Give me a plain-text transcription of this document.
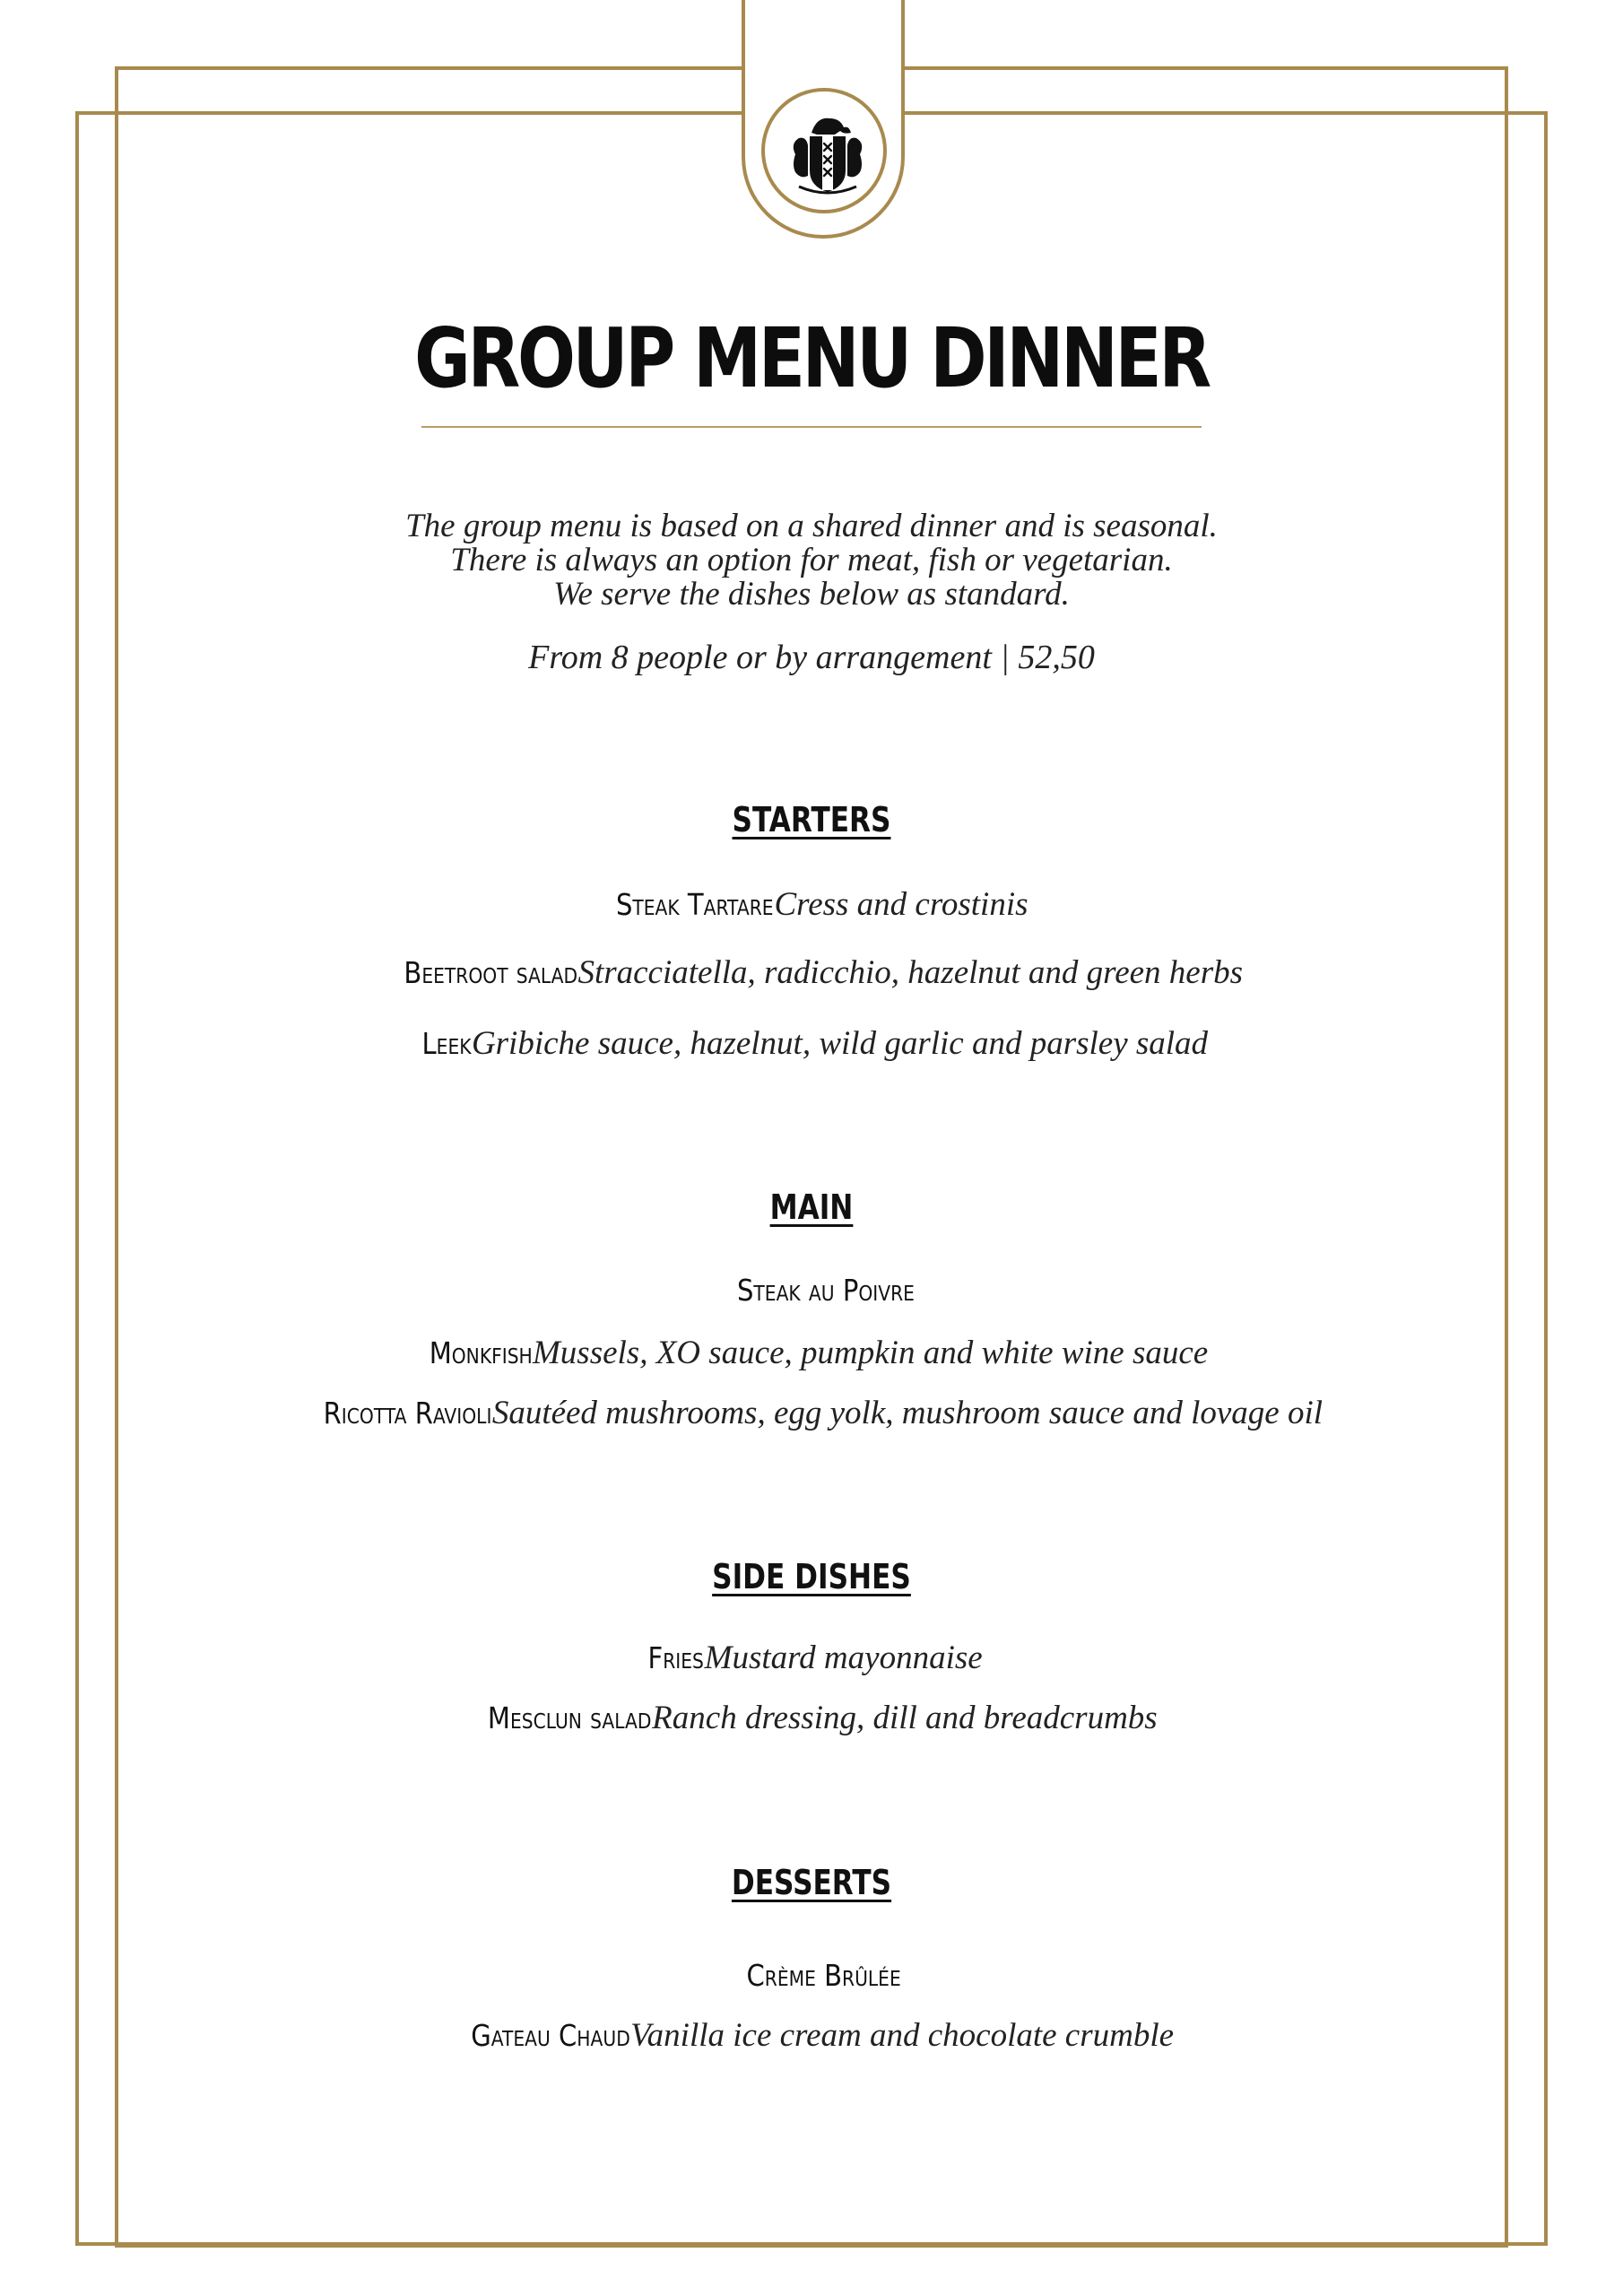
GROUP MENU DINNER
The group menu is based on a shared dinner and is seasonal.
There is always an option for meat, fish or vegetarian.
We serve the dishes below as standard.
From 8 people or by arrangement | 52,50
STARTERS
Steak Tartare Cress and crostinis
Beetroot salad Stracciatella, radicchio, hazelnut and green herbs
Leek Gribiche sauce, hazelnut, wild garlic and parsley salad
MAIN
Steak au Poivre
Monkfish Mussels, XO sauce, pumpkin and white wine sauce
Ricotta Ravioli Sautéed mushrooms, egg yolk, mushroom sauce and lovage oil
SIDE DISHES
Fries Mustard mayonnaise
Mesclun salad Ranch dressing, dill and breadcrumbs
DESSERTS
Crème Brûlée
Gateau Chaud Vanilla ice cream and chocolate crumble
